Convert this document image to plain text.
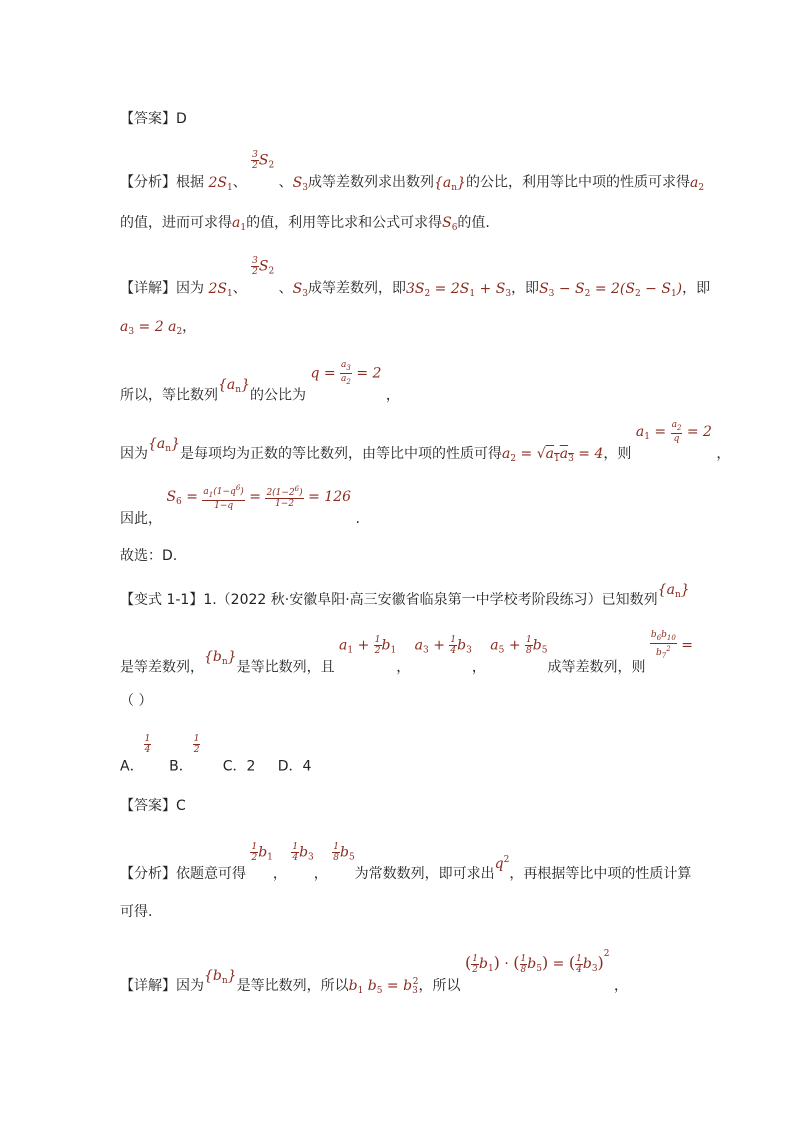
【答案】D
【分析】根据 $2S_1$、
$\frac{3}{2} S_2$ 、$S_3$成等差数列求出数列$\{a_n\}$的公比，利用等比中项的性质可求得$a_2$
的值，进而可求得$a_1$的值，利用等比求和公式可求得$S_6$的值.
【详解】因为 $2S_1$、
$\frac{3}{2} S_2$ 、$S_3$成等差数列，即$3S_2 = 2S_1 + S_3$，即$S_3 - S_2 = 2(S_2 - S_1)$，即
$a_3 = 2$ $a_2$，
所以，等比数列$\{a_n\}$的公比为 $q = \frac{a_3}{a_2} = 2$ ，
因为$\{a_n\}$是每项均为正数的等比数列，由等比中项的性质可得$a_2 = √a_1a_3 = 4$，则 $a_1 = \frac{a_2}{q} = 2$ ，
因此， $S_6 = \frac{a_1(1-q^6)}{1-q} = \frac{2(1-2^6)}{1-2} = 126$ .
故选：D.
【变式 1-1】1.（2022 秋·安徽阜阳·高三安徽省临泉第一中学校考阶段练习）已知数列$\{a_n\}$
是等差数列，$\{b_n\}$是等比数列，且 $a_1 + \frac{1}{2} b_1$， $a_3 + \frac{1}{4} b_3$， $a_5 + \frac{1}{8} b_5$成等差数列，则
$\frac{b_6b_{10}}{b_7^2}$ =
（ ）
A．
$\frac{1}{4}$
B．
$\frac{1}{2}$
C．2 D．4
【答案】C
【分析】依题意可得
$\frac{1}{2} b_1$，
$\frac{1}{4} b_3$，
$\frac{1}{8} b_5$为常数数列，即可求出$q^2$，再根据等比中项的性质计算
可得.
【详解】因为$\{b_n\}$是等比数列，所以$b_1$ $b_5 = b_3^2$，所以 ( $\frac{1}{2} b_1$) · ( $\frac{1}{8} b_5$) = ( $\frac{1}{4} b_3)^2$ ，
